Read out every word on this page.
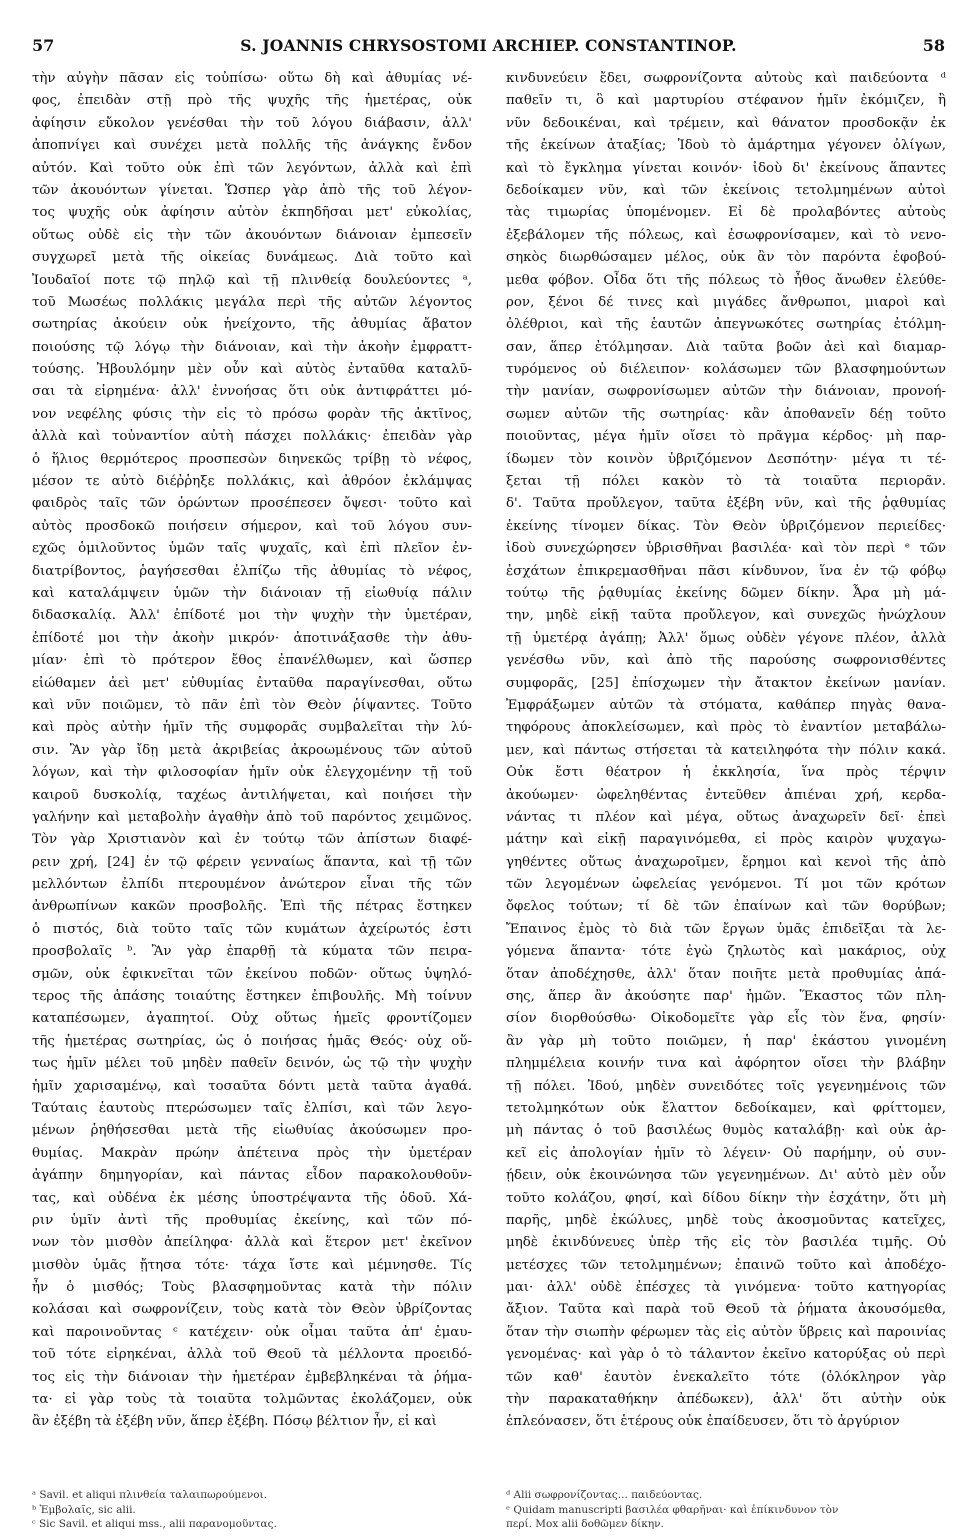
57	S. JOANNIS CHRYSOSTOMI ARCHIEP. CONSTANTINOP.	58
τὴν αὐγὴν πᾶσαν εἰς τοὐπίσω· οὕτω δὴ καὶ ἀθυμίας νέ-
φος, ἐπειδὰν στῇ πρὸ τῆς ψυχῆς τῆς ἡμετέρας, οὐκ
ἀφίησιν εὔκολον γενέσθαι τὴν τοῦ λόγου διάβασιν, ἀλλ'
ἀποπνίγει καὶ συνέχει μετὰ πολλῆς τῆς ἀνάγκης ἔνδον
αὐτόν. Καὶ τοῦτο οὐκ ἐπὶ τῶν λεγόντων, ἀλλὰ καὶ ἐπὶ
τῶν ἀκουόντων γίνεται. Ὥσπερ γὰρ ἀπὸ τῆς τοῦ λέγον-
τος ψυχῆς οὐκ ἀφίησιν αὐτὸν ἐκπηδῆσαι μετ' εὐκολίας,
οὕτως οὐδὲ εἰς τὴν τῶν ἀκουόντων διάνοιαν ἐμπεσεῖν
συγχωρεῖ μετὰ τῆς οἰκείας δυνάμεως. Διὰ τοῦτο καὶ
Ἰουδαῖοί ποτε τῷ πηλῷ καὶ τῇ πλινθείᾳ δουλεύοντες ᵃ,
τοῦ Μωσέως πολλάκις μεγάλα περὶ τῆς αὐτῶν λέγοντος
σωτηρίας ἀκούειν οὐκ ἠνείχοντο, τῆς ἀθυμίας ἄβατον
ποιούσης τῷ λόγῳ τὴν διάνοιαν, καὶ τὴν ἀκοὴν ἐμφραττ-
τούσης. Ἠβουλόμην μὲν οὖν καὶ αὐτὸς ἐνταῦθα καταλῦ-
σαι τὰ εἰρημένα· ἀλλ' ἐννοήσας ὅτι οὐκ ἀντιφράττει μό-
νον νεφέλης φύσις τὴν εἰς τὸ πρόσω φορὰν τῆς ἀκτῖνος,
ἀλλὰ καὶ τοὐναντίον αὐτὴ πάσχει πολλάκις· ἐπειδὰν γὰρ
ὁ ἥλιος θερμότερος προσπεσὼν διηνεκῶς τρίβῃ τὸ νέφος,
μέσον τε αὐτὸ διέῤῥηξε πολλάκις, καὶ ἀθρόον ἐκλάμψας
φαιδρὸς ταῖς τῶν ὁρώντων προσέπεσεν ὄψεσι· τοῦτο καὶ
αὐτὸς προσδοκῶ ποιήσειν σήμερον, καὶ τοῦ λόγου συν-
εχῶς ὁμιλοῦντος ὑμῶν ταῖς ψυχαῖς, καὶ ἐπὶ πλεῖον ἐν-
διατρίβοντος, ῥαγήσεσθαι ἐλπίζω τῆς ἀθυμίας τὸ νέφος,
καὶ καταλάμψειν ὑμῶν τὴν διάνοιαν τῇ εἰωθυίᾳ πάλιν
διδασκαλίᾳ. Ἀλλ' ἐπίδοτέ μοι τὴν ψυχὴν τὴν ὑμετέραν,
ἐπίδοτέ μοι τὴν ἀκοὴν μικρόν· ἀποτινάξασθε τὴν ἀθυ-
μίαν· ἐπὶ τὸ πρότερον ἔθος ἐπανέλθωμεν, καὶ ὥσπερ
εἰώθαμεν ἀεὶ μετ' εὐθυμίας ἐνταῦθα παραγίνεσθαι, οὕτω
καὶ νῦν ποιῶμεν, τὸ πᾶν ἐπὶ τὸν Θεὸν ῥίψαντες. Τοῦτο
καὶ πρὸς αὐτὴν ἡμῖν τῆς συμφορᾶς συμβαλεῖται τὴν λύ-
σιν. Ἂν γὰρ ἴδῃ μετὰ ἀκριβείας ἀκροωμένους τῶν αὐτοῦ
λόγων, καὶ τὴν φιλοσοφίαν ἡμῖν οὐκ ἐλεγχομένην τῇ τοῦ
καιροῦ δυσκολίᾳ, ταχέως ἀντιλήψεται, καὶ ποιήσει τὴν
γαλήνην καὶ μεταβολὴν ἀγαθὴν ἀπὸ τοῦ παρόντος χειμῶνος.
Τὸν γὰρ Χριστιανὸν καὶ ἐν τούτῳ τῶν ἀπίστων διαφέ-
ρειν χρή, [24] ἐν τῷ φέρειν γενναίως ἅπαντα, καὶ τῇ τῶν
μελλόντων ἐλπίδι πτερουμένον ἀνώτερον εἶναι τῆς τῶν
ἀνθρωπίνων κακῶν προσβολῆς. Ἐπὶ τῆς πέτρας ἕστηκεν
ὁ πιστός, διὰ τοῦτο ταῖς τῶν κυμάτων ἀχείρωτός ἐστι
προσβολαῖς ᵇ. Ἂν γὰρ ἐπαρθῇ τὰ κύματα τῶν πειρα-
σμῶν, οὐκ ἐφικνεῖται τῶν ἐκείνου ποδῶν· οὕτως ὑψηλό-
τερος τῆς ἁπάσης τοιαύτης ἕστηκεν ἐπιβουλῆς. Μὴ τοίνυν
καταπέσωμεν, ἀγαπητοί. Οὐχ οὕτως ἡμεῖς φροντίζομεν
τῆς ἡμετέρας σωτηρίας, ὡς ὁ ποιήσας ἡμᾶς Θεός· οὐχ οὕ-
τως ἡμῖν μέλει τοῦ μηδὲν παθεῖν δεινόν, ὡς τῷ τὴν ψυχὴν
ἡμῖν χαρισαμένῳ, καὶ τοσαῦτα δόντι μετὰ ταῦτα ἀγαθά.
Ταύταις ἑαυτοὺς πτερώσωμεν ταῖς ἐλπίσι, καὶ τῶν λεγο-
μένων ῥηθήσεσθαι μετὰ τῆς εἰωθυίας ἀκούσωμεν προ-
θυμίας. Μακρὰν πρώην ἀπέτεινα πρὸς τὴν ὑμετέραν
ἀγάπην δημηγορίαν, καὶ πάντας εἶδον παρακολουθοῦν-
τας, καὶ οὐδένα ἐκ μέσης ὑποστρέψαντα τῆς ὁδοῦ. Χά-
ριν ὑμῖν ἀντὶ τῆς προθυμίας ἐκείνης, καὶ τῶν πό-
νων τὸν μισθὸν ἀπείληφα· ἀλλὰ καὶ ἕτερον μετ' ἐκεῖνον
μισθὸν ὑμᾶς ᾔτησα τότε· τάχα ἴστε καὶ μέμνησθε. Τίς
ἦν ὁ μισθός; Τοὺς βλασφημοῦντας κατὰ τὴν πόλιν
κολάσαι καὶ σωφρονίζειν, τοὺς κατὰ τὸν Θεὸν ὑβρίζοντας
καὶ παροινοῦντας ᶜ κατέχειν· οὐκ οἶμαι ταῦτα ἀπ' ἐμαυ-
τοῦ τότε εἰρηκέναι, ἀλλὰ τοῦ Θεοῦ τὰ μέλλοντα προειδό-
τος εἰς τὴν διάνοιαν τὴν ἡμετέραν ἐμβεβληκέναι τὰ ῥήμα-
τα· εἰ γὰρ τοὺς τὰ τοιαῦτα τολμῶντας ἐκολάζομεν, οὐκ
ἂν ἐξέβη τὰ ἐξέβη νῦν, ἅπερ ἐξέβη. Πόσῳ βέλτιον ἦν, εἰ καὶ
κινδυνεύειν ἔδει, σωφρονίζοντα αὐτοὺς καὶ παιδεύοντα ᵈ
παθεῖν τι, ὃ καὶ μαρτυρίου στέφανον ἡμῖν ἐκόμιζεν, ἢ
νῦν δεδοικέναι, καὶ τρέμειν, καὶ θάνατον προσδοκᾷν ἐκ
τῆς ἐκείνων ἀταξίας; Ἰδοὺ τὸ ἁμάρτημα γέγονεν ὀλίγων,
καὶ τὸ ἔγκλημα γίνεται κοινόν· ἰδοὺ δι' ἐκείνους ἅπαντες
δεδοίκαμεν νῦν, καὶ τῶν ἐκείνοις τετολμημένων αὐτοὶ
τὰς τιμωρίας ὑπομένομεν. Εἰ δὲ προλαβόντες αὐτοὺς
ἐξεβάλομεν τῆς πόλεως, καὶ ἐσωφρονίσαμεν, καὶ τὸ νενο-
σηκὸς διωρθώσαμεν μέλος, οὐκ ἂν τὸν παρόντα ἐφοβού-
μεθα φόβον. Οἶδα ὅτι τῆς πόλεως τὸ ἦθος ἄνωθεν ἐλεύθε-
ρον, ξένοι δέ τινες καὶ μιγάδες ἄνθρωποι, μιαροὶ καὶ
ὀλέθριοι, καὶ τῆς ἑαυτῶν ἀπεγνωκότες σωτηρίας ἐτόλμη-
σαν, ἅπερ ἐτόλμησαν. Διὰ ταῦτα βοῶν ἀεὶ καὶ διαμαρ-
τυρόμενος οὐ διέλειπον· κολάσωμεν τῶν βλασφημούντων
τὴν μανίαν, σωφρονίσωμεν αὐτῶν τὴν διάνοιαν, προνοή-
σωμεν αὐτῶν τῆς σωτηρίας· κἂν ἀποθανεῖν δέῃ τοῦτο
ποιοῦντας, μέγα ἡμῖν οἴσει τὸ πρᾶγμα κέρδος· μὴ παρ-
ίδωμεν τὸν κοινὸν ὑβριζόμενον Δεσπότην· μέγα τι τέ-
ξεται τῇ πόλει κακὸν τὸ τὰ τοιαῦτα περιορᾶν.
δ'. Ταῦτα προὔλεγον, ταῦτα ἐξέβη νῦν, καὶ τῆς ῥᾳθυμίας
ἐκείνης τίνομεν δίκας. Τὸν Θεὸν ὑβριζόμενον περιείδες·
ἰδοὺ συνεχώρησεν ὑβρισθῆναι βασιλέα· καὶ τὸν περὶ ᵉ τῶν
ἐσχάτων ἐπικρεμασθῆναι πᾶσι κίνδυνον, ἵνα ἐν τῷ φόβῳ
τούτῳ τῆς ῥᾳθυμίας ἐκείνης δῶμεν δίκην. Ἆρα μὴ μά-
την, μηδὲ εἰκῇ ταῦτα προὔλεγον, καὶ συνεχῶς ἠνώχλουν
τῇ ὑμετέρᾳ ἀγάπῃ; Ἀλλ' ὅμως οὐδὲν γέγονε πλέον, ἀλλὰ
γενέσθω νῦν, καὶ ἀπὸ τῆς παρούσης σωφρονισθέντες
συμφορᾶς, [25] ἐπίσχωμεν τὴν ἄτακτον ἐκείνων μανίαν.
Ἐμφράξωμεν αὐτῶν τὰ στόματα, καθάπερ πηγὰς θανα-
τηφόρους ἀποκλείσωμεν, καὶ πρὸς τὸ ἐναντίον μεταβάλω-
μεν, καὶ πάντως στήσεται τὰ κατειληφότα τὴν πόλιν κακά.
Οὐκ ἔστι θέατρον ἡ ἐκκλησία, ἵνα πρὸς τέρψιν
ἀκούωμεν· ὠφεληθέντας ἐντεῦθεν ἀπιέναι χρή, κερδα-
νάντας τι πλέον καὶ μέγα, οὕτως ἀναχωρεῖν δεῖ· ἐπεὶ
μάτην καὶ εἰκῇ παραγινόμεθα, εἰ πρὸς καιρὸν ψυχαγω-
γηθέντες οὕτως ἀναχωροῖμεν, ἔρημοι καὶ κενοὶ τῆς ἀπὸ
τῶν λεγομένων ὠφελείας γενόμενοι. Τί μοι τῶν κρότων
ὄφελος τούτων; τί δὲ τῶν ἐπαίνων καὶ τῶν θορύβων;
Ἔπαινος ἐμὸς τὸ διὰ τῶν ἔργων ὑμᾶς ἐπιδεῖξαι τὰ λε-
γόμενα ἅπαντα· τότε ἐγὼ ζηλωτὸς καὶ μακάριος, οὐχ
ὅταν ἀποδέχησθε, ἀλλ' ὅταν ποιῆτε μετὰ προθυμίας ἁπά-
σης, ἅπερ ἂν ἀκούσητε παρ' ἡμῶν. Ἕκαστος τῶν πλη-
σίον διορθούσθω· Οἰκοδομεῖτε γὰρ εἷς τὸν ἕνα, φησίν·
ἂν γὰρ μὴ τοῦτο ποιῶμεν, ἡ παρ' ἑκάστου γινομένη
πλημμέλεια κοινήν τινα καὶ ἀφόρητον οἴσει τὴν βλάβην
τῇ πόλει. Ἰδού, μηδὲν συνειδότες τοῖς γεγενημένοις τῶν
τετολμηκότων οὐκ ἔλαττον δεδοίκαμεν, καὶ φρίττομεν,
μὴ πάντας ὁ τοῦ βασιλέως θυμὸς καταλάβῃ· καὶ οὐκ ἀρ-
κεῖ εἰς ἀπολογίαν ἡμῖν τὸ λέγειν· Οὐ παρήμην, οὐ συν-
ῄδειν, οὐκ ἐκοινώνησα τῶν γεγενημένων. Δι' αὐτὸ μὲν οὖν
τοῦτο κολάζου, φησί, καὶ δίδου δίκην τὴν ἐσχάτην, ὅτι μὴ
παρῆς, μηδὲ ἐκώλυες, μηδὲ τοὺς ἀκοσμοῦντας κατεῖχες,
μηδὲ ἐκινδύνευες ὑπὲρ τῆς εἰς τὸν βασιλέα τιμῆς. Οὐ
μετέσχες τῶν τετολμημένων; ἐπαινῶ τοῦτο καὶ ἀποδέχο-
μαι· ἀλλ' οὐδὲ ἐπέσχες τὰ γινόμενα· τοῦτο κατηγορίας
ἄξιον. Ταῦτα καὶ παρὰ τοῦ Θεοῦ τὰ ῥήματα ἀκουσόμεθα,
ὅταν τὴν σιωπὴν φέρωμεν τὰς εἰς αὐτὸν ὕβρεις καὶ παροινίας
γενομένας· καὶ γὰρ ὁ τὸ τάλαντον ἐκεῖνο κατορύξας οὐ περὶ
τῶν καθ' ἑαυτὸν ἐνεκαλεῖτο τότε (ὁλόκληρον γὰρ
τὴν παρακαταθήκην ἀπέδωκεν), ἀλλ' ὅτι αὐτὴν οὐκ
ἐπλεόνασεν, ὅτι ἑτέρους οὐκ ἐπαίδευσεν, ὅτι τὸ ἀργύριον
ᵃ Savil. et aliqui πλινθεία ταλαιπωρούμενοι.
ᵇ Ἐμβολαῖς, sic alii.
ᶜ Sic Savil. et aliqui mss., alii παρανομοῦντας.
ᵈ Alii σωφρονίζοντας... παιδεύοντας.
ᵉ Quidam manuscripti βασιλέα φθαρῆναι· καὶ ἐπίκινδυνον τὸν
περί. Mox alii δοθῶμεν δίκην.
